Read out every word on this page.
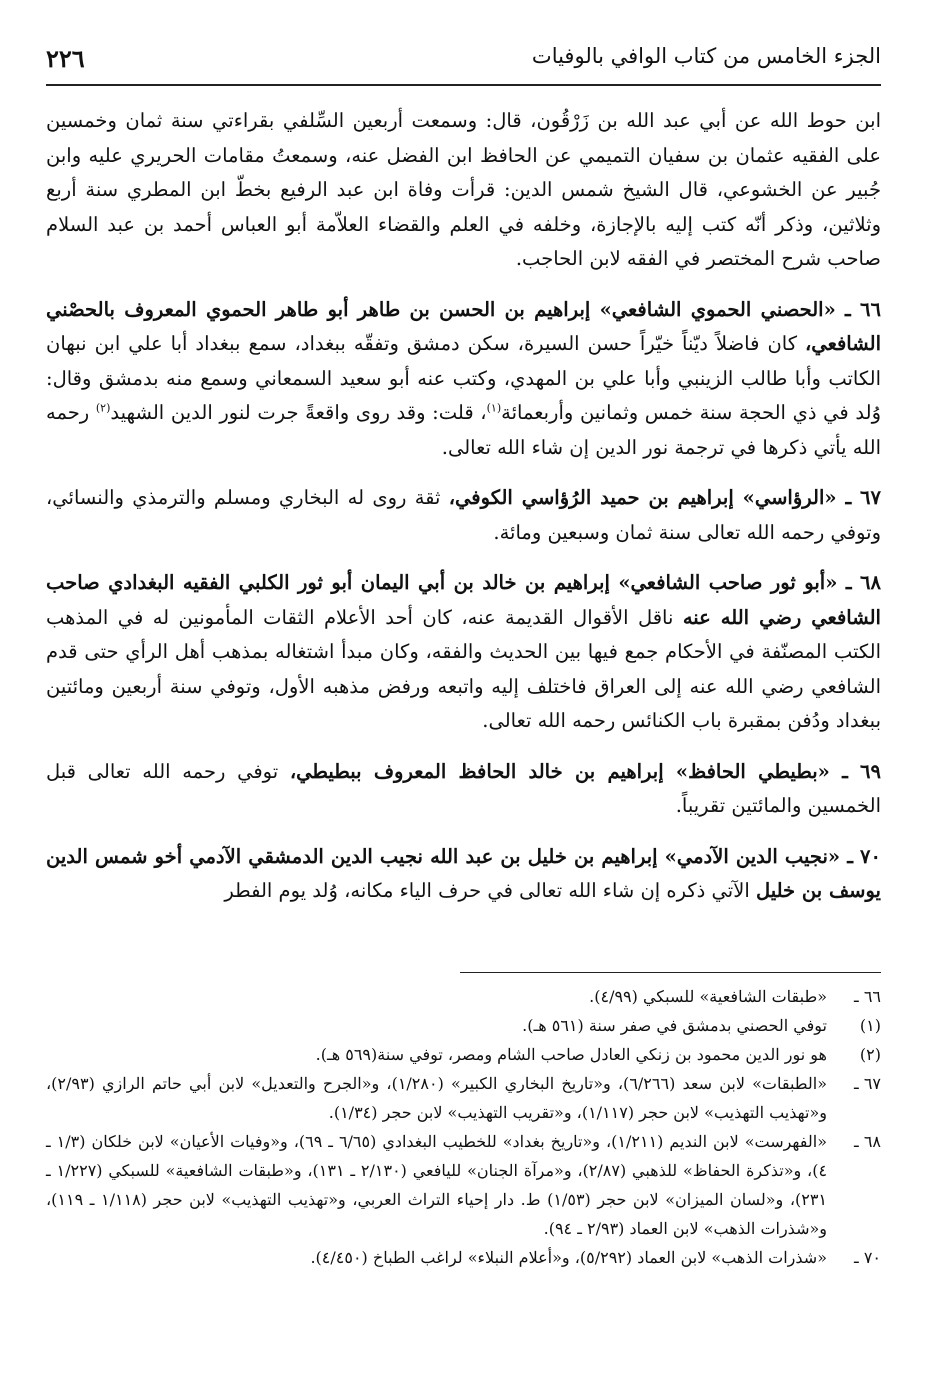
٢٢٦	الجزء الخامس من كتاب الوافي بالوفيات

ابن حوط الله عن أبي عبد الله بن زَرْقُون، قال: وسمعت أربعين السِّلفي بقراءتي سنة ثمان وخمسين على الفقيه عثمان بن سفيان التميمي عن الحافظ ابن الفضل عنه، وسمعتُ مقامات الحريري عليه وابن جُبير عن الخشوعي، قال الشيخ شمس الدين: قرأت وفاة ابن عبد الرفيع بخطّ ابن المطري سنة أربع وثلاثين، وذكر أنّه كتب إليه بالإجازة، وخلفه في العلم والقضاء العلاّمة أبو العباس أحمد بن عبد السلام صاحب شرح المختصر في الفقه لابن الحاجب.

٦٦ ـ «الحصني الحموي الشافعي» إبراهيم بن الحسن بن طاهر أبو طاهر الحموي المعروف بالحصْني الشافعي، كان فاضلاً ديّناً خيّراً حسن السيرة، سكن دمشق وتفقّه ببغداد، سمع ببغداد أبا علي ابن نبهان الكاتب وأبا طالب الزينبي وأبا علي بن المهدي، وكتب عنه أبو سعيد السمعاني وسمع منه بدمشق وقال: وُلد في ذي الحجة سنة خمس وثمانين وأربعمائة$^{(١)}$، قلت: وقد روى واقعةً جرت لنور الدين الشهيد$^{(٢)}$ رحمه الله يأتي ذكرها في ترجمة نور الدين إن شاء الله تعالى.

٦٧ ـ «الرؤاسي» إبراهيم بن حميد الرُؤاسي الكوفي، ثقة روى له البخاري ومسلم والترمذي والنسائي، وتوفي رحمه الله تعالى سنة ثمان وسبعين ومائة.

٦٨ ـ «أبو ثور صاحب الشافعي» إبراهيم بن خالد بن أبي اليمان أبو ثور الكلبي الفقيه البغدادي صاحب الشافعي رضي الله عنه ناقل الأقوال القديمة عنه، كان أحد الأعلام الثقات المأمونين له في المذهب الكتب المصنّفة في الأحكام جمع فيها بين الحديث والفقه، وكان مبدأ اشتغاله بمذهب أهل الرأي حتى قدم الشافعي رضي الله عنه إلى العراق فاختلف إليه واتبعه ورفض مذهبه الأول، وتوفي سنة أربعين ومائتين ببغداد ودُفن بمقبرة باب الكنائس رحمه الله تعالى.

٦٩ ـ «بطيطي الحافظ» إبراهيم بن خالد الحافظ المعروف ببطيطي، توفي رحمه الله تعالى قبل الخمسين والمائتين تقريباً.

٧٠ ـ «نجيب الدين الآدمي» إبراهيم بن خليل بن عبد الله نجيب الدين الدمشقي الآدمي أخو شمس الدين يوسف بن خليل الآتي ذكره إن شاء الله تعالى في حرف الياء مكانه، وُلد يوم الفطر

٦٦ ـ
«طبقات الشافعية» للسبكي (٤/٩٩).
(١)
توفي الحصني بدمشق في صفر سنة (٥٦١ هـ).
(٢)
هو نور الدين محمود بن زنكي العادل صاحب الشام ومصر، توفي سنة(٥٦٩ هـ).
٦٧ ـ
«الطبقات» لابن سعد (٦/٢٦٦)، و«تاريخ البخاري الكبير» (١/٢٨٠)، و«الجرح والتعديل» لابن أبي حاتم الرازي (٢/٩٣)، و«تهذيب التهذيب» لابن حجر (١/١١٧)، و«تقريب التهذيب» لابن حجر (١/٣٤).
٦٨ ـ
«الفهرست» لابن النديم (١/٢١١)، و«تاريخ بغداد» للخطيب البغدادي (٦/٦٥ ـ ٦٩)، و«وفيات الأعيان» لابن خلكان (١/٣ ـ ٤)، و«تذكرة الحفاظ» للذهبي (٢/٨٧)، و«مرآة الجنان» لليافعي (٢/١٣٠ ـ ١٣١)، و«طبقات الشافعية» للسبكي (١/٢٢٧ ـ ٢٣١)، و«لسان الميزان» لابن حجر (١/٥٣) ط. دار إحياء التراث العربي، و«تهذيب التهذيب» لابن حجر (١/١١٨ ـ ١١٩)، و«شذرات الذهب» لابن العماد (٢/٩٣ ـ ٩٤).
٧٠ ـ
«شذرات الذهب» لابن العماد (٥/٢٩٢)، و«أعلام النبلاء» لراغب الطباخ (٤/٤٥٠).
